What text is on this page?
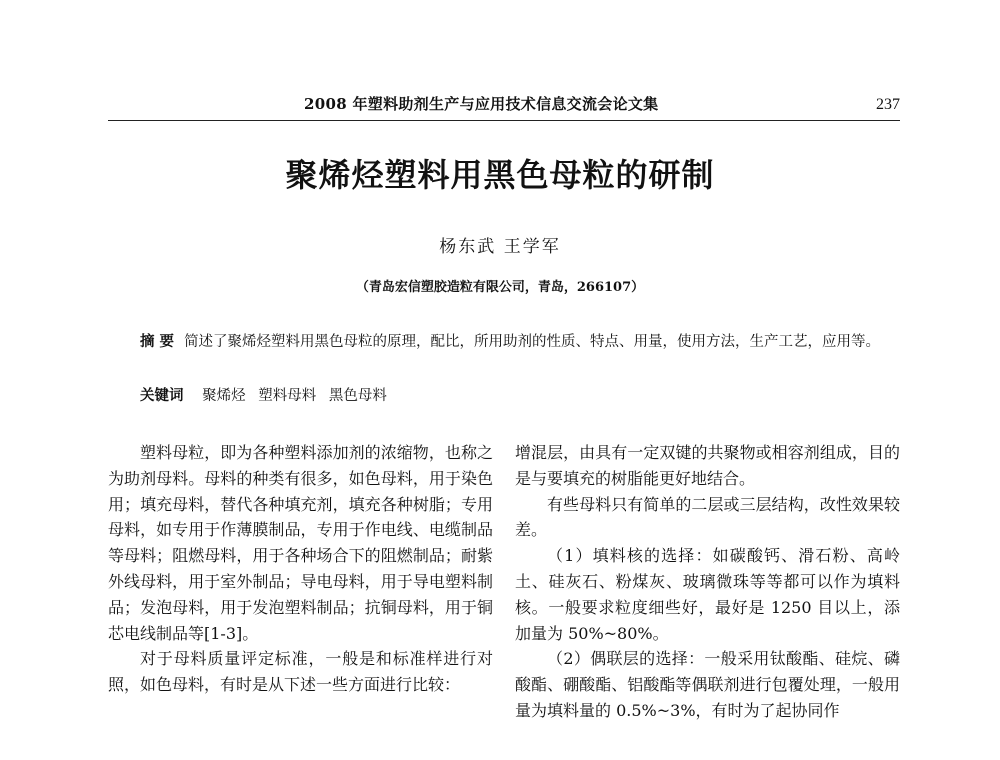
2008 年塑料助剂生产与应用技术信息交流会论文集	237
聚烯烃塑料用黑色母粒的研制
杨东武 王学军
（青岛宏信塑胶造粒有限公司，青岛，266107）
摘 要 简述了聚烯烃塑料用黑色母粒的原理，配比，所用助剂的性质、特点、用量，使用方法，生产工艺，应用等。
关键词 聚烯烃 塑料母料 黑色母料

塑料母粒，即为各种塑料添加剂的浓缩物，也称之为助剂母料。母料的种类有很多，如色母料，用于染色用；填充母料，替代各种填充剂，填充各种树脂；专用母料，如专用于作薄膜制品，专用于作电线、电缆制品等母料；阻燃母料，用于各种场合下的阻燃制品；耐紫外线母料，用于室外制品；导电母料，用于导电塑料制品；发泡母料，用于发泡塑料制品；抗铜母料，用于铜芯电线制品等[1-3]。

对于母料质量评定标准，一般是和标准样进行对照，如色母料，有时是从下述一些方面进行比较：

增混层，由具有一定双键的共聚物或相容剂组成，目的是与要填充的树脂能更好地结合。

有些母料只有简单的二层或三层结构，改性效果较差。

（1）填料核的选择：如碳酸钙、滑石粉、高岭土、硅灰石、粉煤灰、玻璃微珠等等都可以作为填料核。一般要求粒度细些好，最好是 1250 目以上，添加量为 50%~80%。

（2）偶联层的选择：一般采用钛酸酯、硅烷、磷酸酯、硼酸酯、铝酸酯等偶联剂进行包覆处理，一般用量为填料量的 0.5%~3%，有时为了起协同作
